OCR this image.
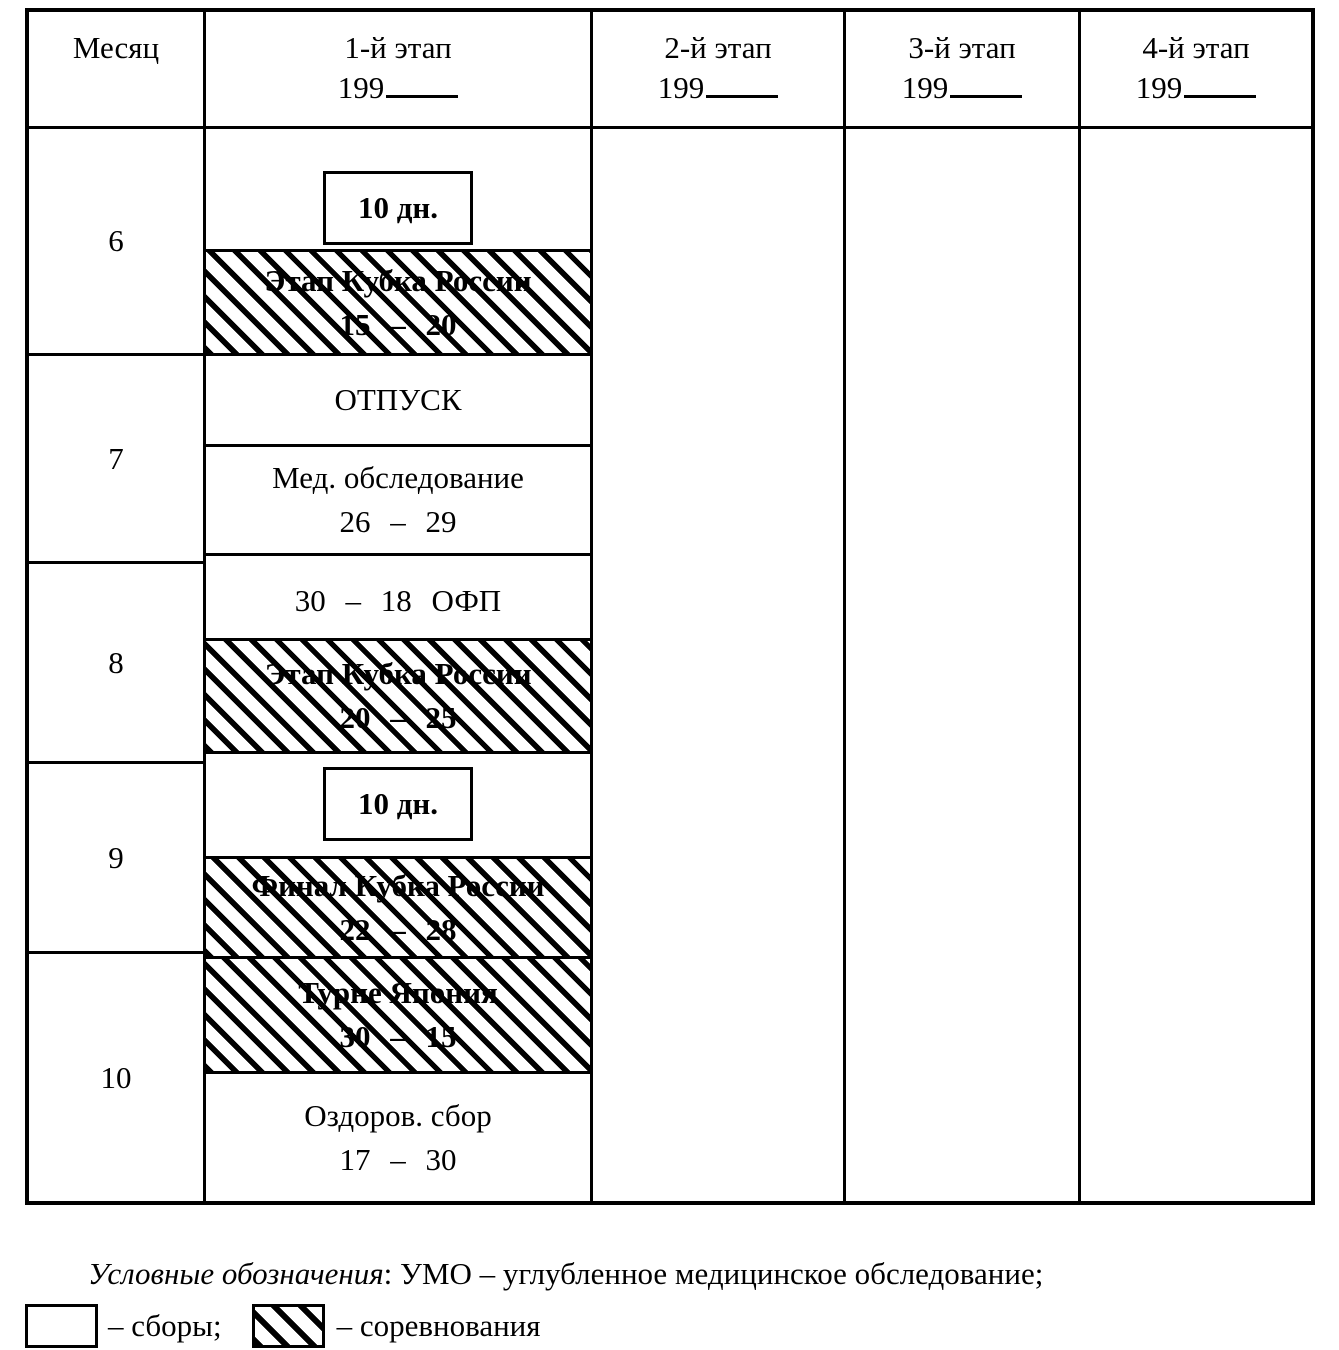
Месяц
6
7
8
9
10
1-й этап
199
10 дн.
Этап Кубка России
15 – 20
ОТПУСК
Мед. обследование
26 – 29
30 – 18 ОФП
Этап Кубка России
20 – 25
10 дн.
Финал Кубка России
22 – 28
Турне Япония
30 – 15
Оздоров. сбор
17 – 30
2-й этап
199
3-й этап
199
4-й этап
199
Условные обозначения: УМО – углубленное медицинское обследование;
– сборы;	– соревнования
